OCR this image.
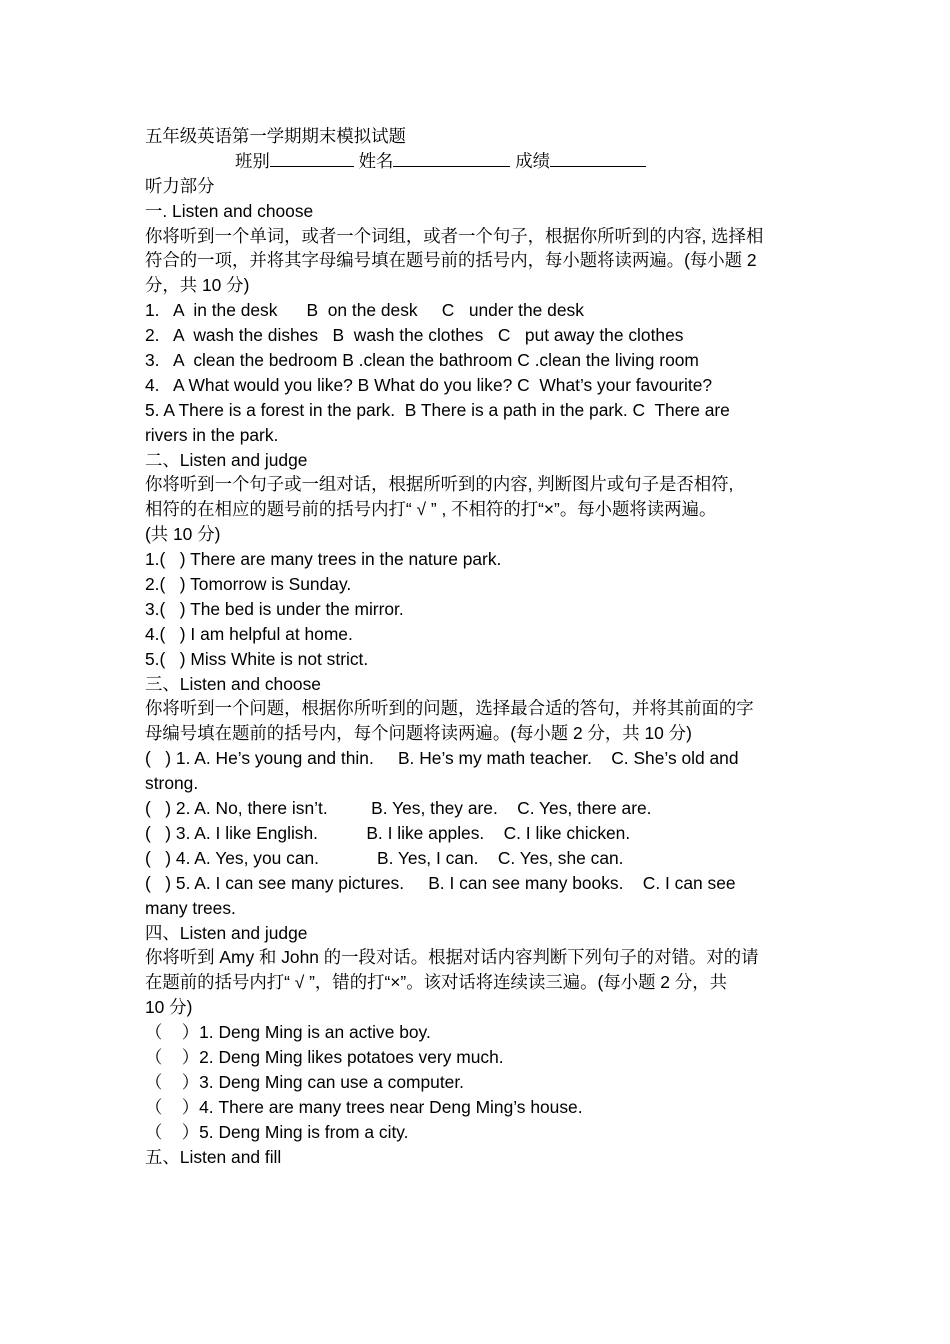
五年级英语第一学期期末模拟试题
班别	姓名	成绩
听力部分
一. Listen and choose
你将听到一个单词，或者一个词组，或者一个句子，根据你所听到的内容, 选择相
符合的一项，并将其字母编号填在题号前的括号内，每小题将读两遍。(每小题 2
分，共 10 分)
1.   A  in the desk      B  on the desk     C   under the desk
2.   A  wash the dishes   B  wash the clothes   C   put away the clothes
3.   A  clean the bedroom B .clean the bathroom C .clean the living room
4.   A What would you like? B What do you like? C  What’s your favourite?
5. A There is a forest in the park.  B There is a path in the park. C  There are
rivers in the park.
二、Listen and judge
你将听到一个句子或一组对话，根据所听到的内容, 判断图片或句子是否相符,
相符的在相应的题号前的括号内打“ √ ” , 不相符的打“×”。每小题将读两遍。
(共 10 分)
1.(   ) There are many trees in the nature park.
2.(   ) Tomorrow is Sunday.
3.(   ) The bed is under the mirror.
4.(   ) I am helpful at home.
5.(   ) Miss White is not strict.
三、Listen and choose
你将听到一个问题，根据你所听到的问题，选择最合适的答句，并将其前面的字
母编号填在题前的括号内，每个问题将读两遍。(每小题 2 分，共 10 分)
(   ) 1. A. He’s young and thin.     B. He’s my math teacher.    C. She’s old and
strong.
(   ) 2. A. No, there isn’t.         B. Yes, they are.    C. Yes, there are.
(   ) 3. A. I like English.          B. I like apples.    C. I like chicken.
(   ) 4. A. Yes, you can.            B. Yes, I can.    C. Yes, she can.
(   ) 5. A. I can see many pictures.     B. I can see many books.    C. I can see
many trees.
四、Listen and judge
你将听到 Amy 和 John 的一段对话。根据对话内容判断下列句子的对错。对的请
在题前的括号内打“ √ ”，错的打“×”。该对话将连续读三遍。(每小题 2 分，共
10 分)
（    ）1. Deng Ming is an active boy.
（    ）2. Deng Ming likes potatoes very much.
（    ）3. Deng Ming can use a computer.
（    ）4. There are many trees near Deng Ming’s house.
（    ）5. Deng Ming is from a city.
五、Listen and fill
